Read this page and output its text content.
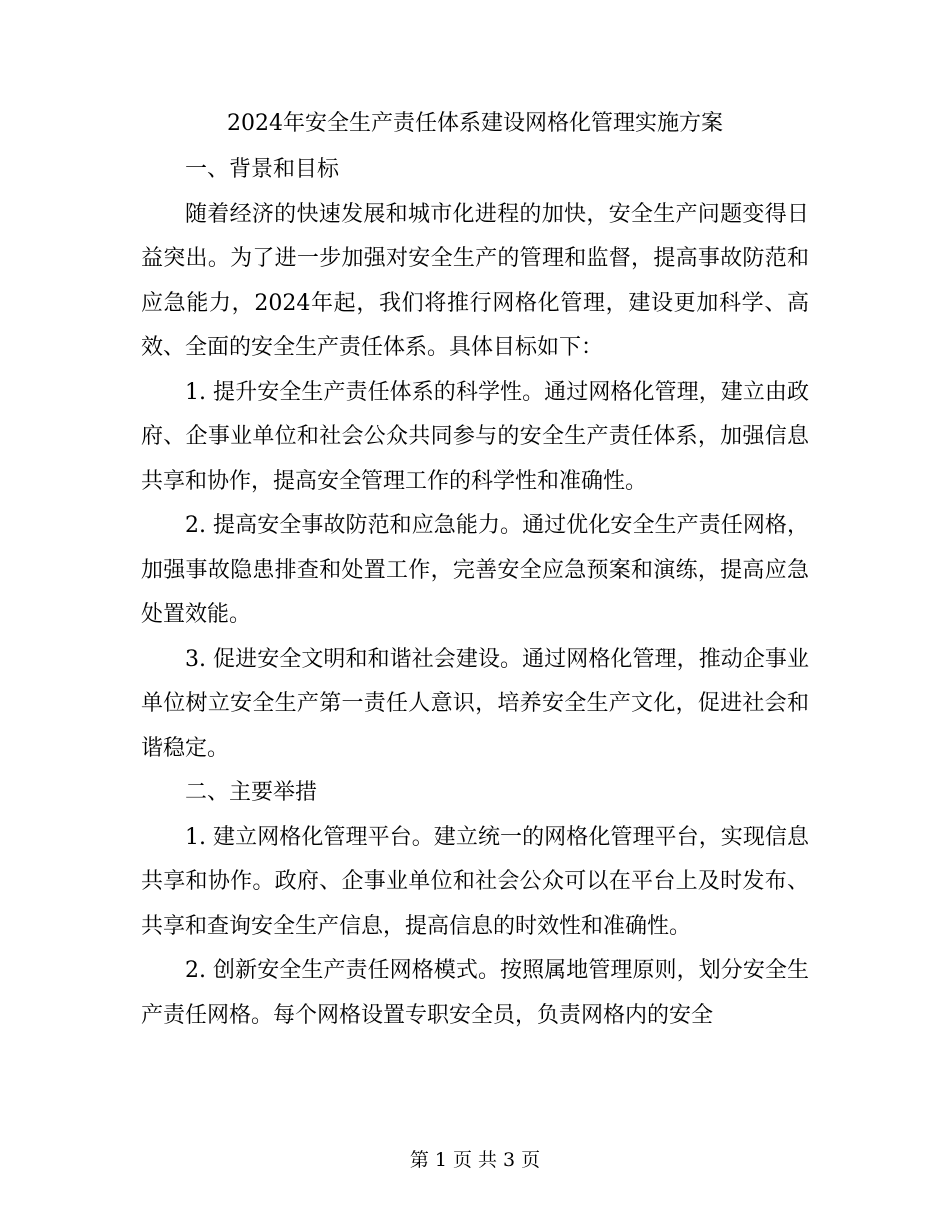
2024年安全生产责任体系建设网格化管理实施方案

一、背景和目标

随着经济的快速发展和城市化进程的加快，安全生产问题变得日益突出。为了进一步加强对安全生产的管理和监督，提高事故防范和应急能力，2024年起，我们将推行网格化管理，建设更加科学、高效、全面的安全生产责任体系。具体目标如下：

1. 提升安全生产责任体系的科学性。通过网格化管理，建立由政府、企事业单位和社会公众共同参与的安全生产责任体系，加强信息共享和协作，提高安全管理工作的科学性和准确性。

2. 提高安全事故防范和应急能力。通过优化安全生产责任网格，加强事故隐患排查和处置工作，完善安全应急预案和演练，提高应急处置效能。

3. 促进安全文明和和谐社会建设。通过网格化管理，推动企事业单位树立安全生产第一责任人意识，培养安全生产文化，促进社会和谐稳定。

二、主要举措

1. 建立网格化管理平台。建立统一的网格化管理平台，实现信息共享和协作。政府、企事业单位和社会公众可以在平台上及时发布、共享和查询安全生产信息，提高信息的时效性和准确性。

2. 创新安全生产责任网格模式。按照属地管理原则，划分安全生产责任网格。每个网格设置专职安全员，负责网格内的安全

第 1 页 共 3 页
